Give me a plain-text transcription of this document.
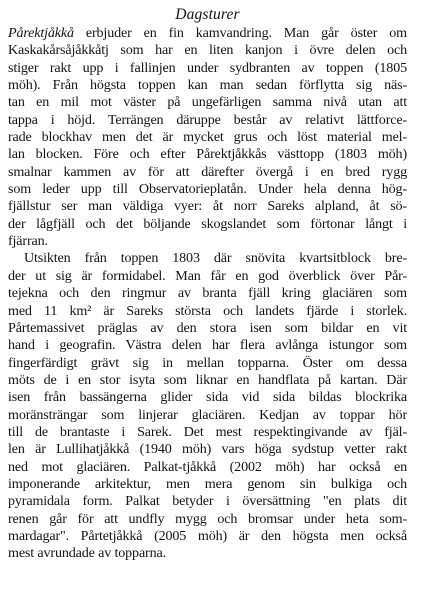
Dagsturer
Pårektjåkkå erbjuder en fin kamvandring. Man går öster om
Kaskakårsåjåkkåtj som har en liten kanjon i övre delen och
stiger rakt upp i fallinjen under sydbranten av toppen (1805
möh). Från högsta toppen kan man sedan förflytta sig näs-
tan en mil mot väster på ungefärligen samma nivå utan att
tappa i höjd. Terrängen däruppe består av relativt lättforce-
rade blockhav men det är mycket grus och löst material mel-
lan blocken. Före och efter Pårektjåkkås västtopp (1803 möh)
smalnar kammen av för att därefter övergå i en bred rygg
som leder upp till Observatorieplatån. Under hela denna hög-
fjällstur ser man väldiga vyer: åt norr Sareks alpland, åt sö-
der lågfjäll och det böljande skogslandet som förtonar långt i
fjärran.
Utsikten från toppen 1803 där snövita kvartsitblock bre-
der ut sig är formidabel. Man får en god överblick över Pår-
tejekna och den ringmur av branta fjäll kring glaciären som
med 11 km² är Sareks största och landets fjärde i storlek.
Pårtemassivet präglas av den stora isen som bildar en vit
hand i geografin. Västra delen har flera avlånga istungor som
fingerfärdigt grävt sig in mellan topparna. Öster om dessa
möts de i en stor isyta som liknar en handflata på kartan. Där
isen från bassängerna glider sida vid sida bildas blockrika
moränsträngar som linjerar glaciären. Kedjan av toppar hör
till de brantaste i Sarek. Det mest respektingivande av fjäl-
len är Lullihatjåkkå (1940 möh) vars höga sydstup vetter rakt
ned mot glaciären. Palkat-tjåkkå (2002 möh) har också en
imponerande arkitektur, men mera genom sin bulkiga och
pyramidala form. Palkat betyder i översättning "en plats dit
renen går för att undfly mygg och bromsar under heta som-
mardagar". Pårtetjåkkå (2005 möh) är den högsta men också
mest avrundade av topparna.
